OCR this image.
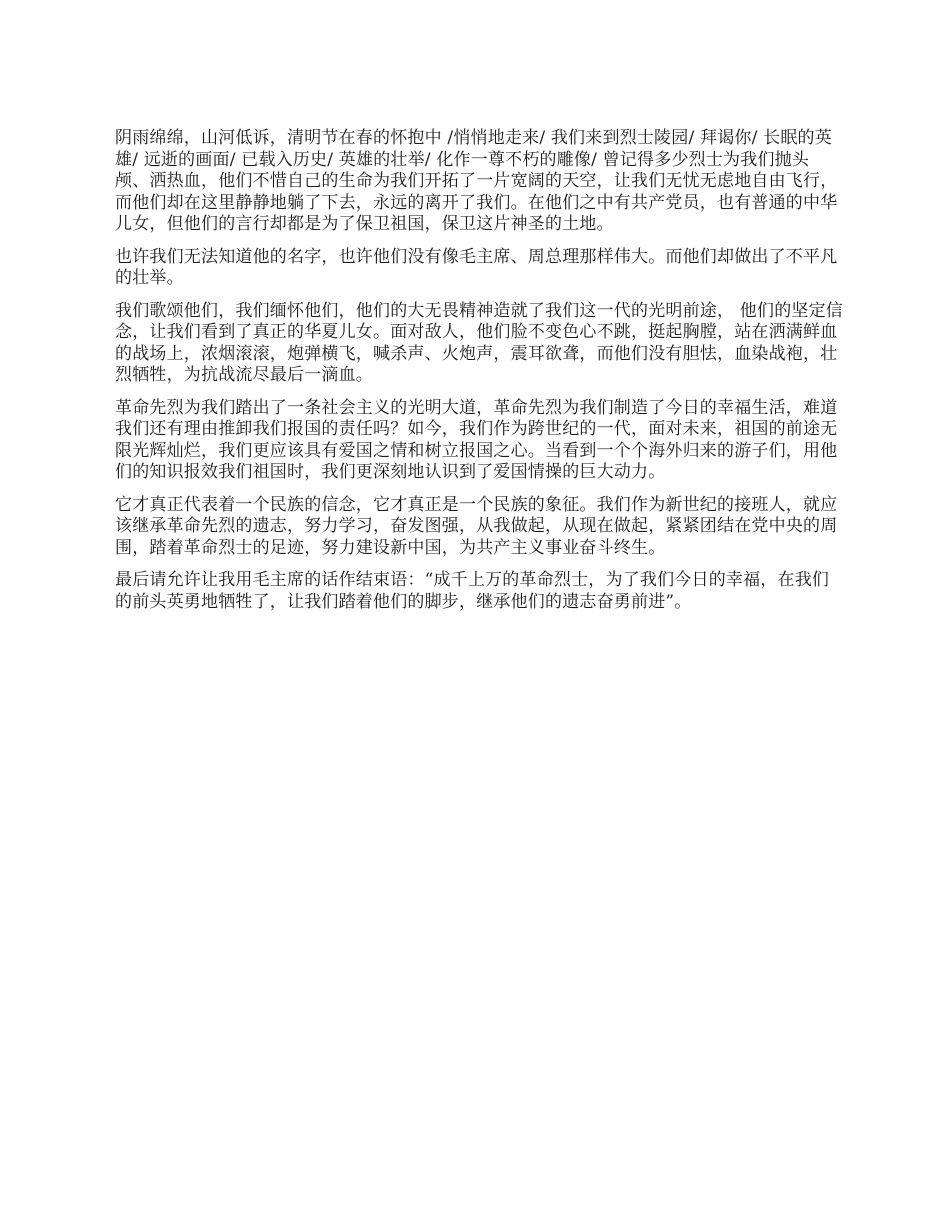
阴雨绵绵，山河低诉，清明节在春的怀抱中 /悄悄地走来/ 我们来到烈士陵园/ 拜谒你/ 长眠的英雄/ 远逝的画面/ 已载入历史/ 英雄的壮举/ 化作一尊不朽的雕像/ 曾记得多少烈士为我们抛头颅、洒热血，他们不惜自己的生命为我们开拓了一片宽阔的天空，让我们无忧无虑地自由飞行，而他们却在这里静静地躺了下去，永远的离开了我们。在他们之中有共产党员，也有普通的中华儿女，但他们的言行却都是为了保卫祖国，保卫这片神圣的土地。

也许我们无法知道他的名字，也许他们没有像毛主席、周总理那样伟大。而他们却做出了不平凡的壮举。

我们歌颂他们，我们缅怀他们，他们的大无畏精神造就了我们这一代的光明前途， 他们的坚定信念，让我们看到了真正的华夏儿女。面对敌人，他们脸不变色心不跳，挺起胸膛，站在洒满鲜血的战场上，浓烟滚滚，炮弹横飞，喊杀声、火炮声，震耳欲聋，而他们没有胆怯，血染战袍，壮烈牺牲，为抗战流尽最后一滴血。

革命先烈为我们踏出了一条社会主义的光明大道，革命先烈为我们制造了今日的幸福生活，难道我们还有理由推卸我们报国的责任吗？如今，我们作为跨世纪的一代，面对未来，祖国的前途无限光辉灿烂，我们更应该具有爱国之情和树立报国之心。当看到一个个海外归来的游子们，用他们的知识报效我们祖国时，我们更深刻地认识到了爱国情操的巨大动力。

它才真正代表着一个民族的信念，它才真正是一个民族的象征。我们作为新世纪的接班人，就应该继承革命先烈的遗志，努力学习，奋发图强，从我做起，从现在做起，紧紧团结在党中央的周围，踏着革命烈士的足迹，努力建设新中国，为共产主义事业奋斗终生。

最后请允许让我用毛主席的话作结束语：“成千上万的革命烈士，为了我们今日的幸福，在我们的前头英勇地牺牲了，让我们踏着他们的脚步，继承他们的遗志奋勇前进”。
